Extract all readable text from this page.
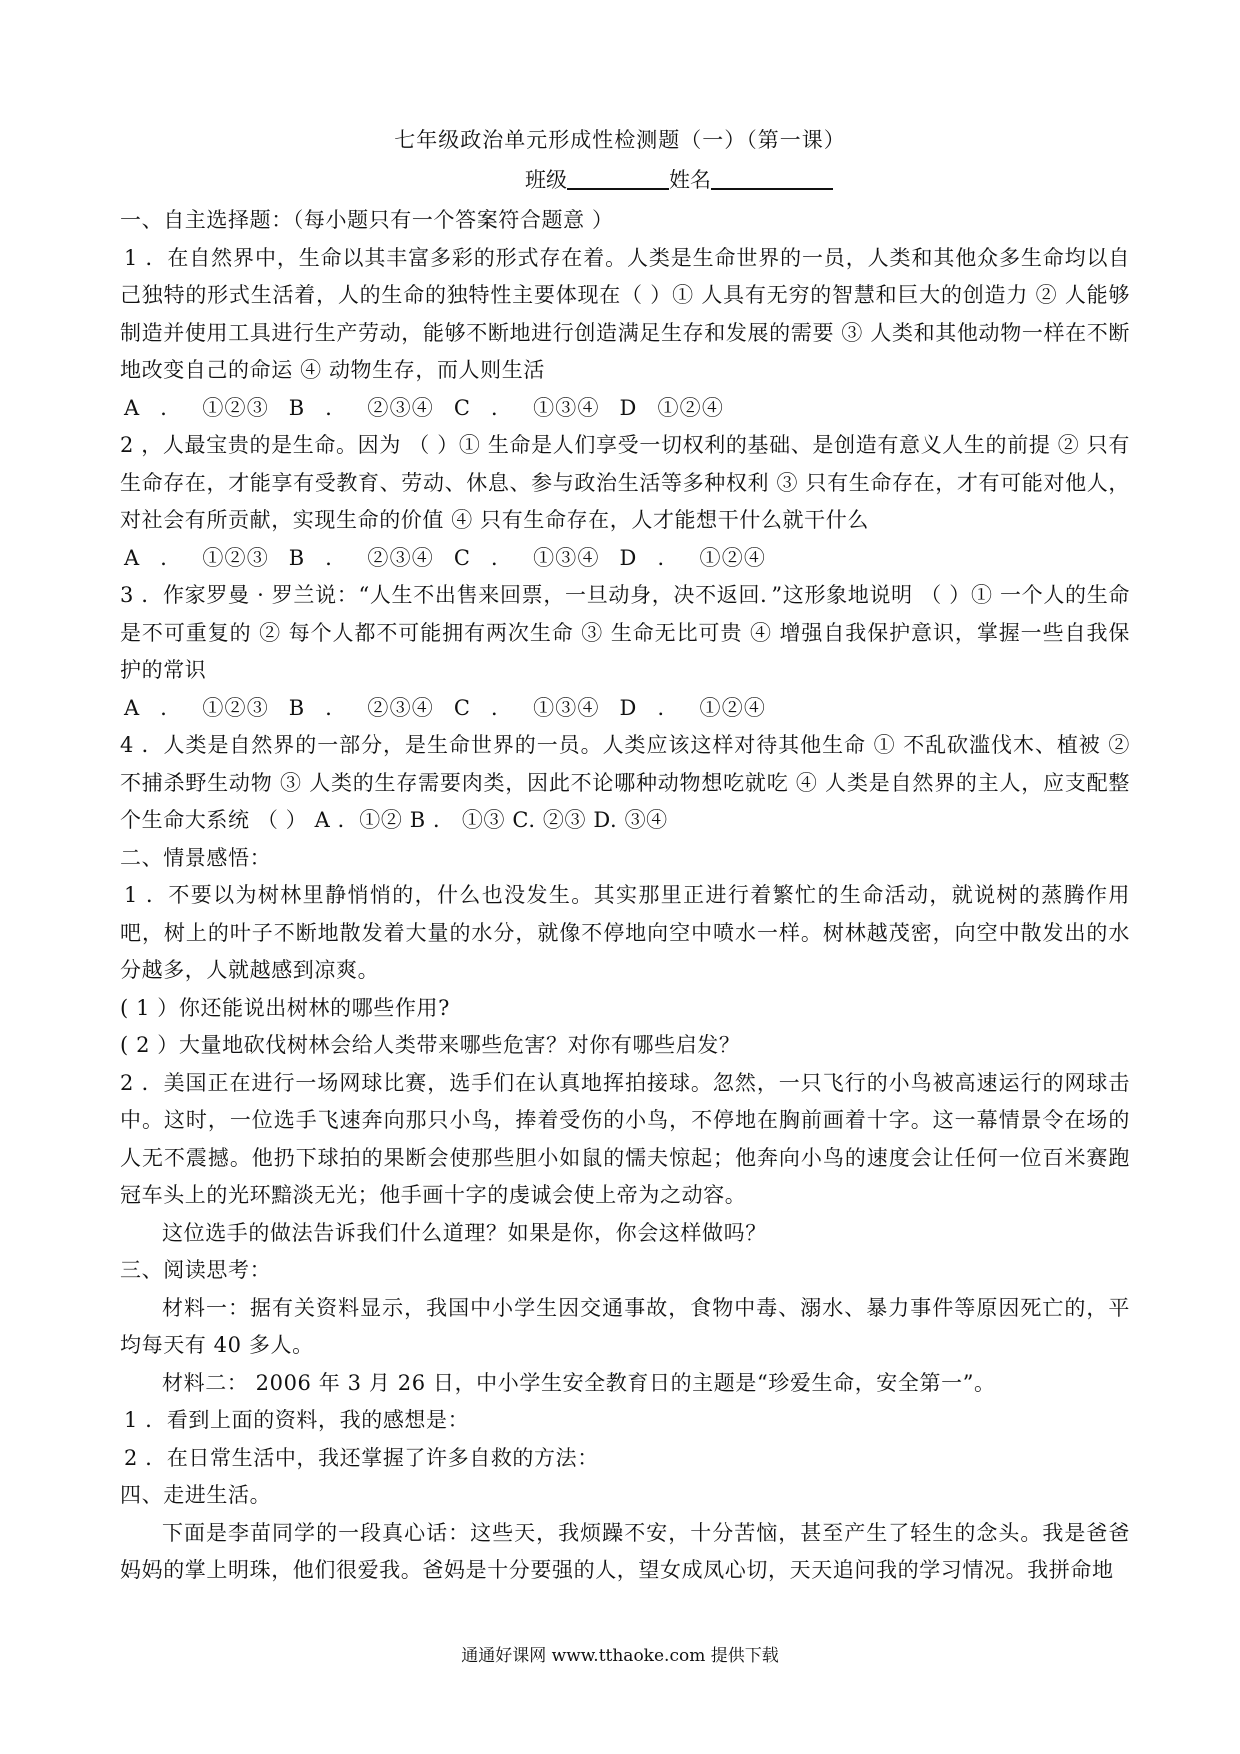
七年级政治单元形成性检测题（一）（第一课）
班级	姓名

一、自主选择题：（每小题只有一个答案符合题意 ）

1 ．在自然界中，生命以其丰富多彩的形式存在着。人类是生命世界的一员，人类和其他众多生命均以自己独特的形式生活着，人的生命的独特性主要体现在（ ）① 人具有无穷的智慧和巨大的创造力 ② 人能够制造并使用工具进行生产劳动，能够不断地进行创造满足生存和发展的需要 ③ 人类和其他动物一样在不断地改变自己的命运 ④ 动物生存，而人则生活

A ． ①②③ B ． ②③④ C ． ①③④ D ①②④

2 ，人最宝贵的是生命。因为 （ ）① 生命是人们享受一切权利的基础、是创造有意义人生的前提 ② 只有生命存在，才能享有受教育、劳动、休息、参与政治生活等多种权利 ③ 只有生命存在，才有可能对他人，对社会有所贡献，实现生命的价值 ④ 只有生命存在，人才能想干什么就干什么

A ． ①②③ B ． ②③④ C ． ①③④ D ． ①②④

3 ．作家罗曼 · 罗兰说：“人生不出售来回票，一旦动身，决不返回．”这形象地说明 （ ）① 一个人的生命是不可重复的 ② 每个人都不可能拥有两次生命 ③ 生命无比可贵 ④ 增强自我保护意识，掌握一些自我保护的常识

A ． ①②③ B ． ②③④ C ． ①③④ D ． ①②④

4 ．人类是自然界的一部分，是生命世界的一员。人类应该这样对待其他生命 ① 不乱砍滥伐木、植被 ② 不捕杀野生动物 ③ 人类的生存需要肉类，因此不论哪种动物想吃就吃 ④ 人类是自然界的主人，应支配整个生命大系统 （ ） A ．①② B ． ①③ C. ②③ D. ③④

二、情景感悟：

1 ．不要以为树林里静悄悄的，什么也没发生。其实那里正进行着繁忙的生命活动，就说树的蒸腾作用吧，树上的叶子不断地散发着大量的水分，就像不停地向空中喷水一样。树林越茂密，向空中散发出的水分越多，人就越感到凉爽。

( 1 ）你还能说出树林的哪些作用?

( 2 ）大量地砍伐树林会给人类带来哪些危害？对你有哪些启发？

2 ．美国正在进行一场网球比赛，选手们在认真地挥拍接球。忽然，一只飞行的小鸟被高速运行的网球击中。这时，一位选手飞速奔向那只小鸟，捧着受伤的小鸟，不停地在胸前画着十字。这一幕情景令在场的人无不震撼。他扔下球拍的果断会使那些胆小如鼠的懦夫惊起；他奔向小鸟的速度会让任何一位百米赛跑冠车头上的光环黯淡无光；他手画十字的虔诚会使上帝为之动容。

这位选手的做法告诉我们什么道理？如果是你，你会这样做吗？

三、阅读思考：

材料一：据有关资料显示，我国中小学生因交通事故，食物中毒、溺水、暴力事件等原因死亡的，平均每天有 40 多人。

材料二： 2006 年 3 月 26 日，中小学生安全教育日的主题是“珍爱生命，安全第一”。

1 ．看到上面的资料，我的感想是：

2 ．在日常生活中，我还掌握了许多自救的方法：

四、走进生活。

下面是李苗同学的一段真心话：这些天，我烦躁不安，十分苦恼，甚至产生了轻生的念头。我是爸爸妈妈的掌上明珠，他们很爱我。爸妈是十分要强的人，望女成凤心切，天天追问我的学习情况。我拼命地

通通好课网 www.tthaoke.com 提供下载
